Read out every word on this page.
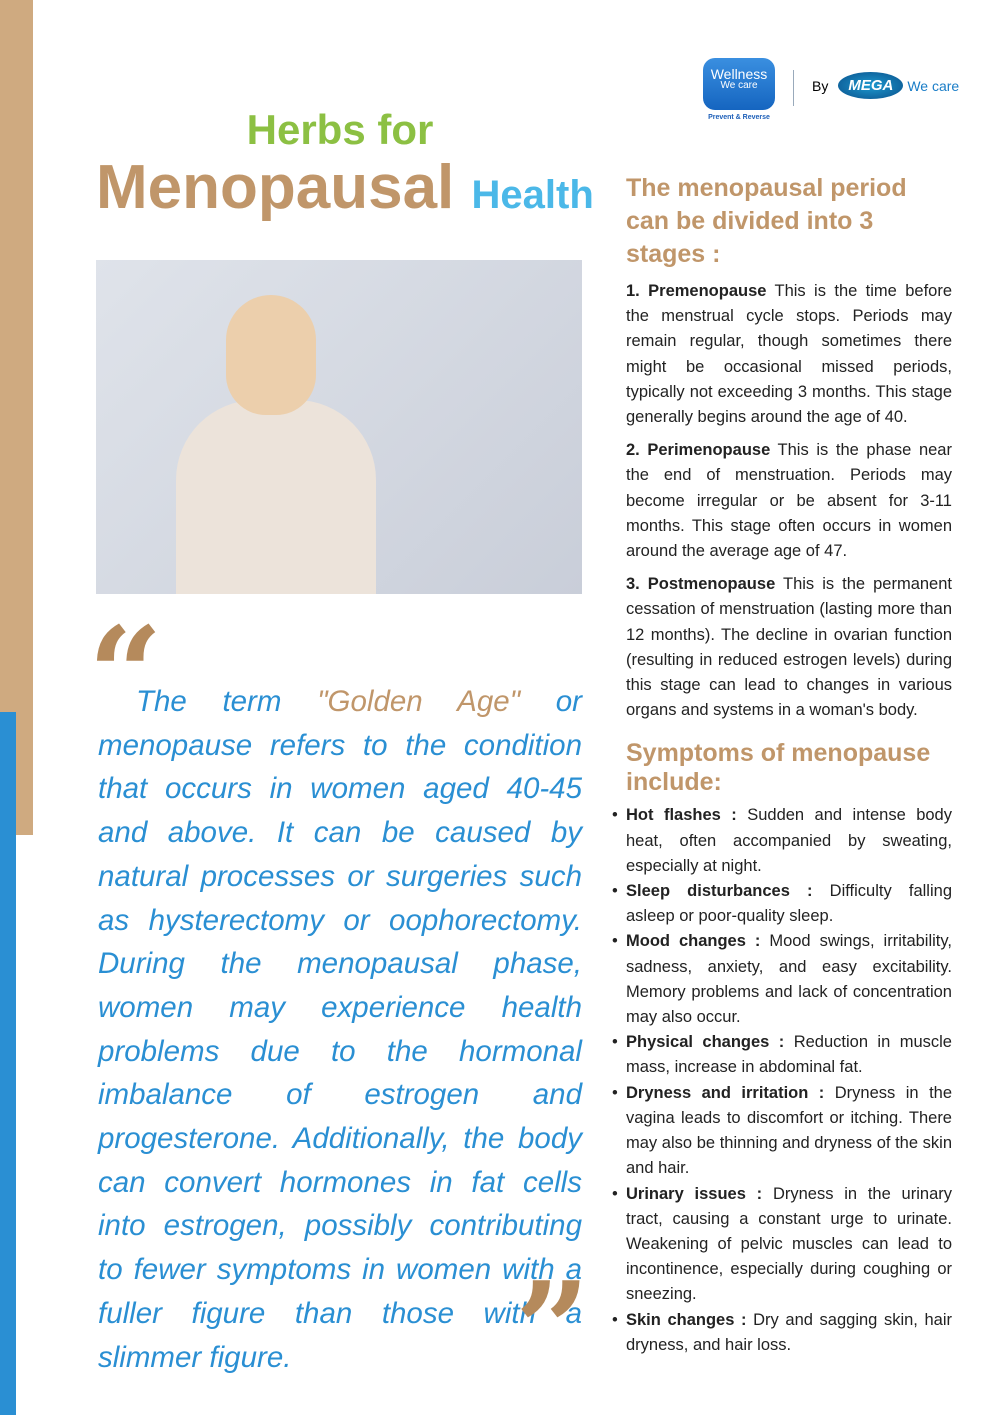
Wellness
We care
Prevent & Reverse
By	MEGA	We care
Herbs for
Menopausal Health
“
The term "Golden Age" or menopause refers to the condition that occurs in women aged 40-45 and above. It can be caused by natural processes or surgeries such as hysterectomy or oophorectomy. During the menopausal phase, women may experience health problems due to the hormonal imbalance of estrogen and progesterone. Additionally, the body can convert hormones in fat cells into estrogen, possibly contributing to fewer symptoms in women with a fuller figure than those with a slimmer figure.	”
The menopausal period can be divided into 3 stages :
1. Premenopause This is the time before the menstrual cycle stops. Periods may remain regular, though sometimes there might be occasional missed periods, typically not exceeding 3 months. This stage generally begins around the age of 40.
2. Perimenopause This is the phase near the end of menstruation. Periods may become irregular or be absent for 3-11 months. This stage often occurs in women around the average age of 47.
3. Postmenopause This is the permanent cessation of menstruation (lasting more than 12 months). The decline in ovarian function (resulting in reduced estrogen levels) during this stage can lead to changes in various organs and systems in a woman's body.
Symptoms of menopause include:
• Hot flashes : Sudden and intense body heat, often accompanied by sweating, especially at night.
• Sleep disturbances : Difficulty falling asleep or poor-quality sleep.
• Mood changes : Mood swings, irritability, sadness, anxiety, and easy excitability. Memory problems and lack of concentration may also occur.
• Physical changes : Reduction in muscle mass, increase in abdominal fat.
• Dryness and irritation : Dryness in the vagina leads to discomfort or itching. There may also be thinning and dryness of the skin and hair.
• Urinary issues : Dryness in the urinary tract, causing a constant urge to urinate. Weakening of pelvic muscles can lead to incontinence, especially during coughing or sneezing.
• Skin changes : Dry and sagging skin, hair dryness, and hair loss.
